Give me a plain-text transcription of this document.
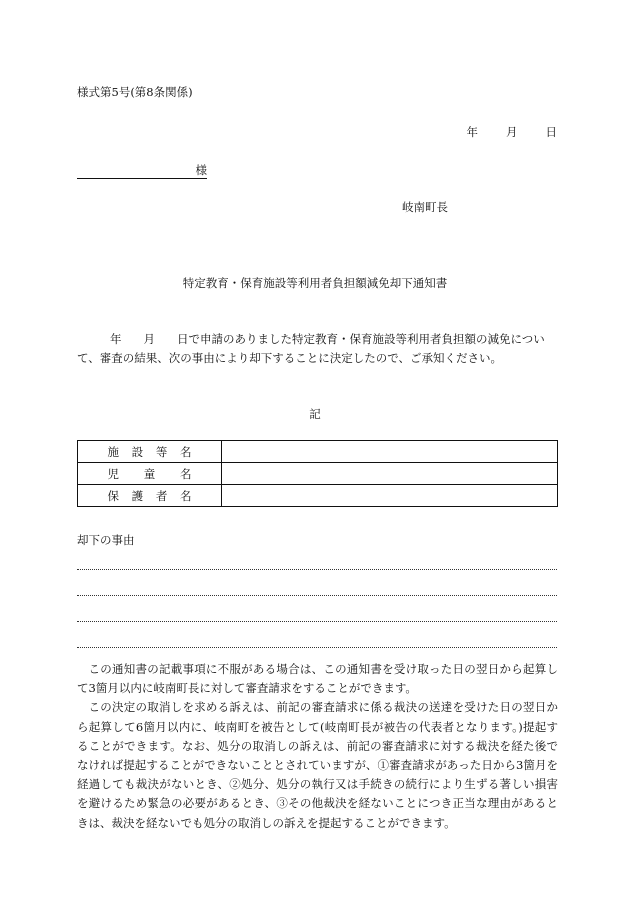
様式第5号(第8条関係)
年 月 日
様
岐南町長
特定教育・保育施設等利用者負担額減免却下通知書
年 月 日で申請のありました特定教育・保育施設等利用者負担額の減免について、審査の結果、次の事由により却下することに決定したので、ご承知ください。
記
施 設 等 名	

児 童 名	

保 護 者 名	

却下の事由

この通知書の記載事項に不服がある場合は、この通知書を受け取った日の翌日から起算して3箇月以内に岐南町長に対して審査請求をすることができます。

この決定の取消しを求める訴えは、前記の審査請求に係る裁決の送達を受けた日の翌日から起算して6箇月以内に、岐南町を被告として(岐南町長が被告の代表者となります。)提起することができます。なお、処分の取消しの訴えは、前記の審査請求に対する裁決を経た後でなければ提起することができないこととされていますが、①審査請求があった日から3箇月を経過しても裁決がないとき、②処分、処分の執行又は手続きの続行により生ずる著しい損害を避けるため緊急の必要があるとき、③その他裁決を経ないことにつき正当な理由があるときは、裁決を経ないでも処分の取消しの訴えを提起することができます。
